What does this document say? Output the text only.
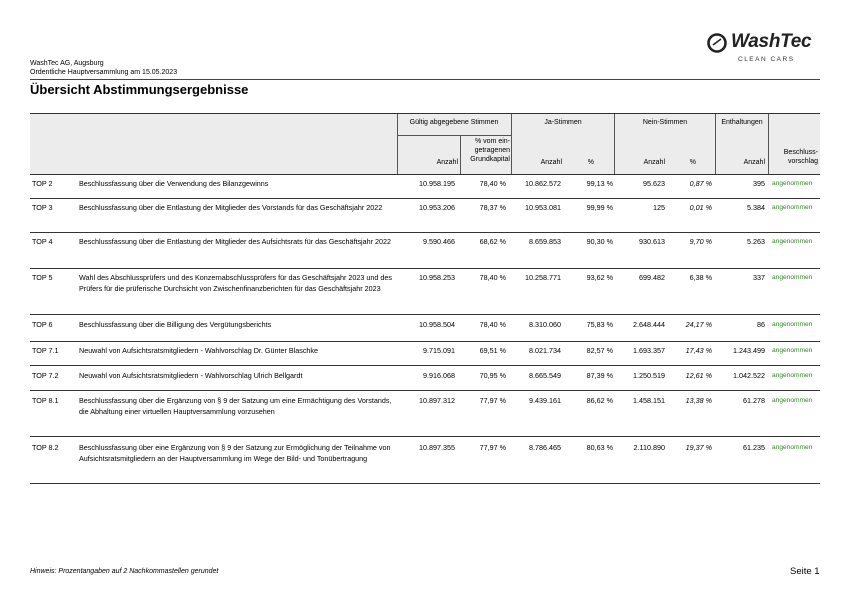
WashTec
CLEAN CARS
WashTec AG, Augsburg
Ordentliche Hauptversammlung am 15.05.2023
Übersicht Abstimmungsergebnisse
Gültig abgegebene Stimmen	Ja-Stimmen	Nein-Stimmen	Enthaltungen
% vom ein- getragenen Grundkapital
Anzahl	Anzahl	%	Anzahl	%	Anzahl
Beschluss- vorschlag
TOP 2	Beschlussfassung über die Verwendung des Bilanzgewinns	10.958.195	78,40 %	10.862.572	99,13 %	95.623	0,87 %	395 angenommen
TOP 3	Beschlussfassung über die Entlastung der Mitglieder des Vorstands für das Geschäftsjahr 2022	10.953.206	78,37 %	10.953.081	99,99 %	125	0,01 %	5.384 angenommen
TOP 4	Beschlussfassung über die Entlastung der Mitglieder des Aufsichtsrats für das Geschäftsjahr 2022	9.590.466	68,62 %	8.659.853	90,30 %	930.613	9,70 %	5.263 angenommen
TOP 5	Wahl des Abschlussprüfers und des Konzernabschlussprüfers für das Geschäftsjahr 2023 und des Prüfers für die prüferische Durchsicht von Zwischenfinanzberichten für das Geschäftsjahr 2023
10.958.253	78,40 %	10.258.771	93,62 %	699.482	6,38 %	337 angenommen
TOP 6	Beschlussfassung über die Billigung des Vergütungsberichts	10.958.504	78,40 %	8.310.060	75,83 %	2.648.444	24,17 %	86 angenommen
TOP 7.1	Neuwahl von Aufsichtsratsmitgliedern - Wahlvorschlag Dr. Günter Blaschke	9.715.091	69,51 %	8.021.734	82,57 %	1.693.357	17,43 %	1.243.499 angenommen
TOP 7.2	Neuwahl von Aufsichtsratsmitgliedern - Wahlvorschlag Ulrich Bellgardt	9.916.068	70,95 %	8.665.549	87,39 %	1.250.519	12,61 %	1.042.522 angenommen
TOP 8.1	Beschlussfassung über die Ergänzung von § 9 der Satzung um eine Ermächtigung des Vorstands, die Abhaltung einer virtuellen Hauptversammlung vorzusehen
10.897.312	77,97 %	9.439.161	86,62 %	1.458.151	13,38 %	61.278 angenommen
TOP 8.2	Beschlussfassung über eine Ergänzung von § 9 der Satzung zur Ermöglichung der Teilnahme von Aufsichtsratsmitgliedern an der Hauptversammlung im Wege der Bild- und Tonübertragung
10.897.355	77,97 %	8.786.465	80,63 %	2.110.890	19,37 %	61.235 angenommen
Hinweis: Prozentangaben auf 2 Nachkommastellen gerundet	Seite 1
